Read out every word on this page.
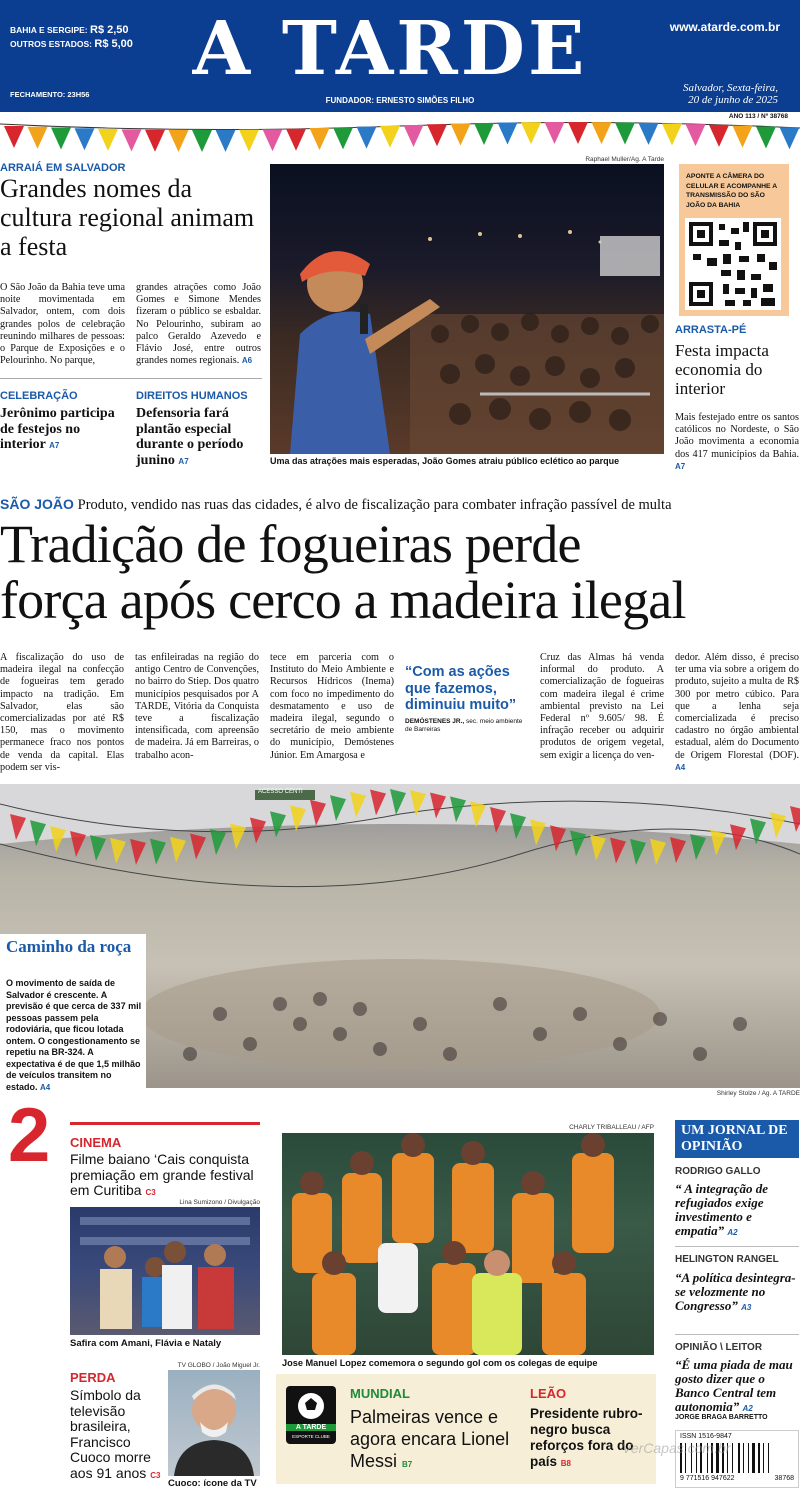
BAHIA E SERGIPE: R$ 2,50
OUTROS ESTADOS: R$ 5,00
FECHAMENTO: 23H56
A TARDE
FUNDADOR: ERNESTO SIMÕES FILHO
www.atarde.com.br
Salvador, Sexta-feira,
20 de junho de 2025
ANO 113 / Nº 38768
ARRAIÁ EM SALVADOR
Grandes nomes da cultura regional animam a festa
O São João da Bahia teve uma noite movimentada em Salvador, ontem, com dois grandes polos de celebração reunindo milhares de pessoas: o Parque de Exposições e o Pelourinho. No parque,
grandes atrações como João Gomes e Simone Mendes fizeram o público se esbaldar. No Pelourinho, subiram ao palco Geraldo Azevedo e Flávio José, entre outros grandes nomes regionais. A6
CELEBRAÇÃO
Jerônimo participa de festejos no interior A7
DIREITOS HUMANOS
Defensoria fará plantão especial durante o período junino A7
Raphael Muller/Ag. A Tarde
Uma das atrações mais esperadas, João Gomes atraiu público eclético ao parque
APONTE A CÂMERA DO CELULAR E ACOMPANHE A TRANSMISSÃO DO SÃO JOÃO DA BAHIA
ARRASTA-PÉ
Festa impacta economia do interior
Mais festejado entre os santos católicos no Nordeste, o São João movimenta a economia dos 417 municípios da Bahia. A7
SÃO JOÃO Produto, vendido nas ruas das cidades, é alvo de fiscalização para combater infração passível de multa
Tradição de fogueiras perde
força após cerco a madeira ilegal
A fiscalização do uso de madeira ilegal na confecção de fogueiras tem gerado impacto na tradição. Em Salvador, elas são comercializadas por até R$ 150, mas o movimento permanece fraco nos pontos de venda da capital. Elas podem ser vis-
tas enfileiradas na região do antigo Centro de Convenções, no bairro do Stiep. Dos quatro municípios pesquisados por A TARDE, Vitória da Conquista teve a fiscalização intensificada, com apreensão de madeira. Já em Barreiras, o trabalho acon-
tece em parceria com o Instituto do Meio Ambiente e Recursos Hídricos (Inema) com foco no impedimento do desmatamento e uso de madeira ilegal, segundo o secretário de meio ambiente do município, Demóstenes Júnior. Em Amargosa e
“Com as ações que fazemos, diminuiu muito”
DEMÓSTENES JR., sec. meio ambiente de Barreiras
Cruz das Almas há venda informal do produto. A comercialização de fogueiras com madeira ilegal é crime ambiental previsto na Lei Federal nº 9.605/ 98. É infração receber ou adquirir produtos de origem vegetal, sem exigir a licença do ven-
dedor. Além disso, é preciso ter uma via sobre a origem do produto, sujeito a multa de R$ 300 por metro cúbico. Para que a lenha seja comercializada é preciso cadastro no órgão ambiental estadual, além do Documento de Origem Florestal (DOF). A4
ACESSO CENTI
Caminho da roça
O movimento de saída de Salvador é crescente. A previsão é que cerca de 337 mil pessoas passem pela rodoviária, que ficou lotada ontem. O congestionamento se repetiu na BR-324. A expectativa é de que 1,5 milhão de veículos transitem no estado. A4
Shirley Stolze / Ag. A TARDE
2 CINEMA
Filme baiano ‘Cais conquista premiação em grande festival em Curitiba C3
Lina Sumizono / Divulgação
Safira com Amani, Flávia e Nataly
PERDA
Símbolo da televisão brasileira, Francisco Cuoco morre aos 91 anos C3
TV GLOBO / João Miguel Jr.
Cuoco: ícone da TV
CHARLY TRIBALLEAU / AFP
Jose Manuel Lopez comemora o segundo gol com os colegas de equipe
A TARDE
ESPORTE CLUBE
MUNDIAL
Palmeiras vence e agora encara Lionel Messi B7
LEÃO
Presidente rubro-negro busca reforços fora do país B8
UM JORNAL DE OPINIÃO
RODRIGO GALLO
“ A integração de refugiados exige investimento e empatia” A2
HELINGTON RANGEL
“A política desintegra-se velozmente no Congresso” A3
OPINIÃO \ LEITOR
“É uma piada de mau gosto dizer que o Banco Central tem autonomia” A2
JORGE BRAGA BARRETTO
ISSN 1516-9847
9 771516 947622	38768
VerCapas.com.br
